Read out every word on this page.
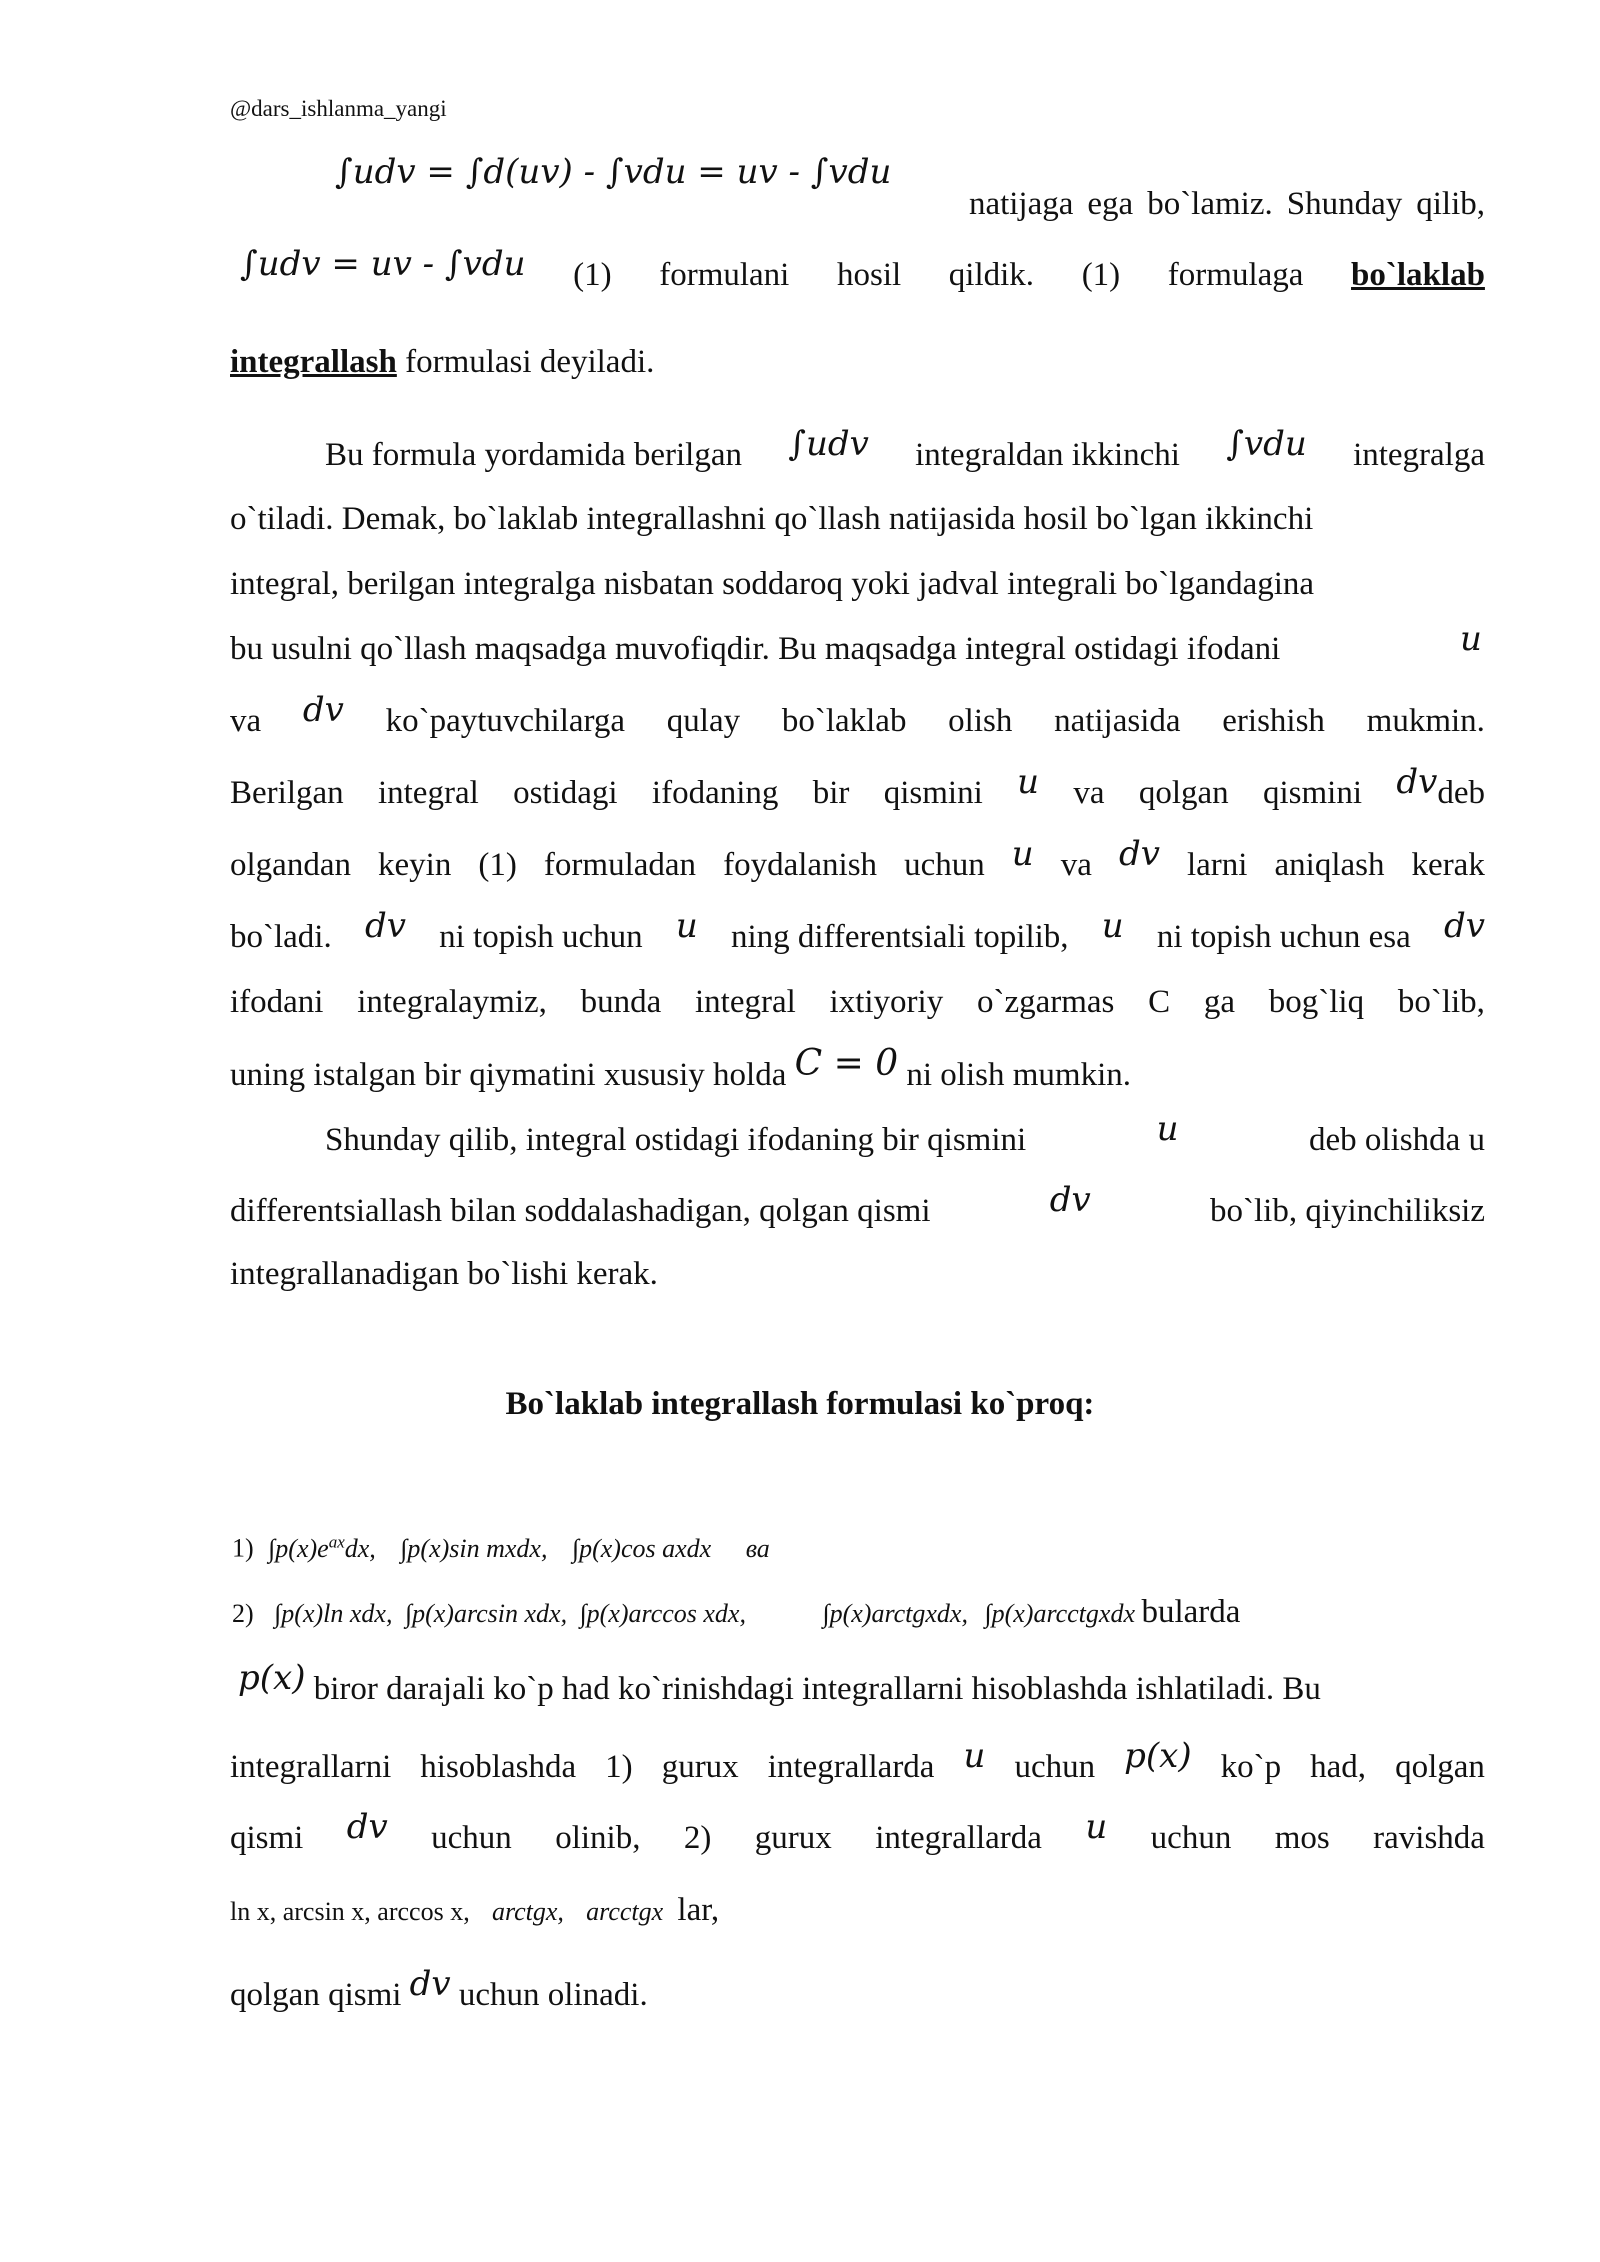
@dars_ishlanma_yangi
∫udv = ∫d(uv) - ∫vdu = uv - ∫vdu
natijaga ega bo`lamiz. Shunday qilib,
∫udv = uv - ∫vdu (1) formulani hosil qildik. (1) formulaga bo`laklab
integrallash formulasi deyiladi.
Bu formula yordamida berilgan ∫udv integraldan ikkinchi ∫vdu integralga
o`tiladi. Demak, bo`laklab integrallashni qo`llash natijasida hosil bo`lgan ikkinchi
integral, berilgan integralga nisbatan soddaroq yoki jadval integrali bo`lgandagina
bu usulni qo`llash maqsadga muvofiqdir. Bu maqsadga integral ostidagi ifodani	u
va dv ko`paytuvchilarga qulay bo`laklab olish natijasida erishish mukmin.
Berilgan integral ostidagi ifodaning bir qismini u va qolgan qismini dvdeb
olgandan keyin (1) formuladan foydalanish uchun u va dv larni aniqlash kerak
bo`ladi. dv ni topish uchun u ning differentsiali topilib, u ni topish uchun esa dv
ifodani integralaymiz, bunda integral ixtiyoriy o`zgarmas C ga bog`liq bo`lib,
uning istalgan bir qiymatini xususiy holda C = 0 ni olish mumkin.
Shunday qilib, integral ostidagi ifodaning bir qismini	u	deb olishda u
differentsiallash bilan soddalashadigan, qolgan qismi	dv	bo`lib, qiyinchiliksiz
integrallanadigan bo`lishi kerak.
Bo`laklab integrallash formulasi ko`proq:
1) $\int p(x)e^{ax}dx$, ∫p(x)sin mxdx, ∫p(x)cos axdx ва
2) ∫p(x)ln xdx, ∫p(x)arcsin xdx, ∫p(x)arccos xdx,	∫p(x)arctgxdx, ∫p(x)arcctgxdx bularda
p(x) biror darajali ko`p had ko`rinishdagi integrallarni hisoblashda ishlatiladi. Bu
integrallarni hisoblashda 1) gurux integrallarda u uchun p(x) ko`p had, qolgan
qismi dv uchun olinib, 2) gurux integrallarda u uchun mos ravishda
ln x, arcsin x, arccos x, arctgx, arcctgx lar,
qolgan qismi dv uchun olinadi.
